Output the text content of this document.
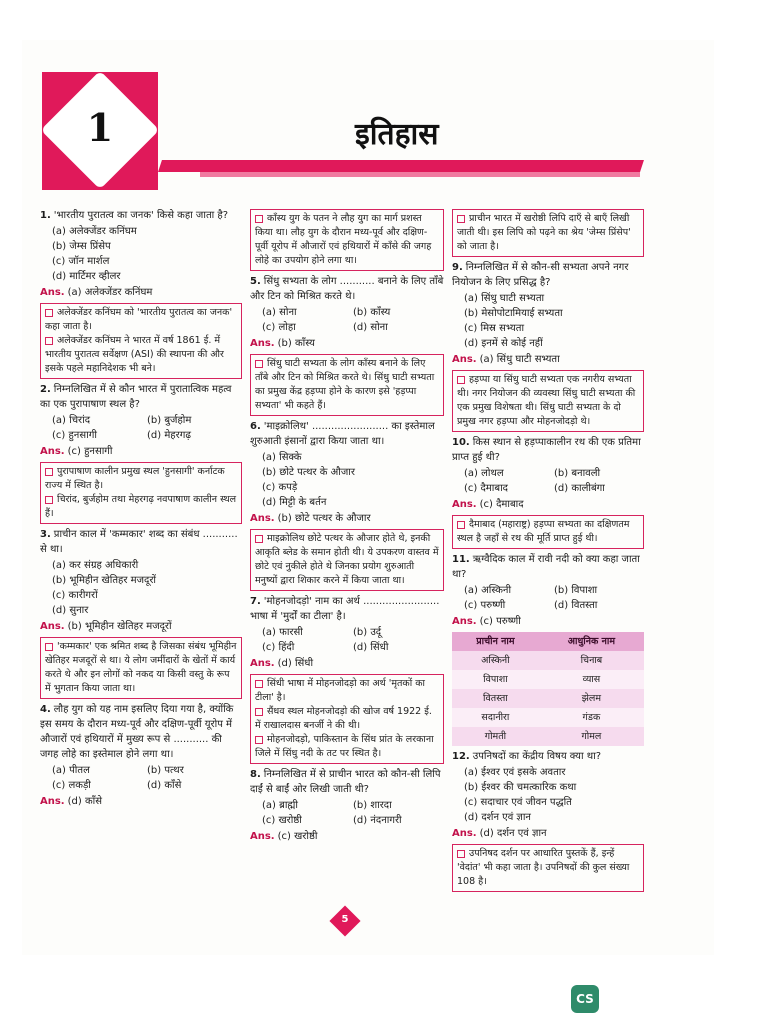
1	इतिहास
1. 'भारतीय पुरातत्व का जनक' किसे कहा जाता है?
(a) अलेक्जेंडर कनिंघम
(b) जेम्स प्रिंसेप
(c) जॉन मार्शल
(d) मार्टिमर व्हीलर
Ans. (a) अलेक्जेंडर कनिंघम

अलेक्जेंडर कनिंघम को 'भारतीय पुरातत्व का जनक' कहा जाता है।

अलेक्जेंडर कनिंघम ने भारत में वर्ष 1861 ई. में भारतीय पुरातत्व सर्वेक्षण (ASI) की स्थापना की और इसके पहले महानिदेशक भी बने।

2. निम्नलिखित में से कौन भारत में पुरातात्विक महत्व का एक पुरापाषाण स्थल है?
(a) चिरांद	(b) बुर्जहोम
(c) हुनसागी	(d) मेहरगढ़
Ans. (c) हुनसागी

पुरापाषाण कालीन प्रमुख स्थल 'हुनसागी' कर्नाटक राज्य में स्थित है।

चिरांद, बुर्जहोम तथा मेहरगढ़ नवपाषाण कालीन स्थल हैं।

3. प्राचीन काल में 'कम्मकार' शब्द का संबंध ........... से था।
(a) कर संग्रह अधिकारी
(b) भूमिहीन खेतिहर मजदूरों
(c) कारीगरों
(d) सुनार
Ans. (b) भूमिहीन खेतिहर मजदूरों

'कम्मकार' एक श्रमित शब्द है जिसका संबंध भूमिहीन खेतिहर मजदूरों से था। ये लोग जमींदारों के खेतों में कार्य करते थे और इन लोगों को नकद या किसी वस्तु के रूप में भुगतान किया जाता था।

4. लौह युग को यह नाम इसलिए दिया गया है, क्योंकि इस समय के दौरान मध्य-पूर्व और दक्षिण-पूर्वी यूरोप में औजारों एवं हथियारों में मुख्य रूप से ........... की जगह लोहे का इस्तेमाल होने लगा था।
(a) पीतल	(b) पत्थर
(c) लकड़ी	(d) काँसे
Ans. (d) काँसे

काँस्य युग के पतन ने लौह युग का मार्ग प्रशस्त किया था। लौह युग के दौरान मध्य-पूर्व और दक्षिण-पूर्वी यूरोप में औजारों एवं हथियारों में काँसे की जगह लोहे का उपयोग होने लगा था।

5. सिंधु सभ्यता के लोग ........... बनाने के लिए ताँबे और टिन को मिश्रित करते थे।
(a) सोना	(b) काँस्य
(c) लोहा	(d) सोना
Ans. (b) काँस्य

सिंधु घाटी सभ्यता के लोग काँस्य बनाने के लिए ताँबे और टिन को मिश्रित करते थे। सिंधु घाटी सभ्यता का प्रमुख केंद्र हड़प्पा होने के कारण इसे 'हड़प्पा सभ्यता' भी कहते हैं।

6. 'माइक्रोलिथ' ........................ का इस्तेमाल शुरुआती इंसानों द्वारा किया जाता था।
(a) सिक्के
(b) छोटे पत्थर के औजार
(c) कपड़े
(d) मिट्टी के बर्तन
Ans. (b) छोटे पत्थर के औजार

माइक्रोलिथ छोटे पत्थर के औजार होते थे, इनकी आकृति ब्लेड के समान होती थी। ये उपकरण वास्तव में छोटे एवं नुकीले होते थे जिनका प्रयोग शुरुआती मनुष्यों द्वारा शिकार करने में किया जाता था।

7. 'मोहनजोदड़ो' नाम का अर्थ ........................ भाषा में 'मुर्दों का टीला' है।
(a) फारसी	(b) उर्दू
(c) हिंदी	(d) सिंधी
Ans. (d) सिंधी

सिंधी भाषा में मोहनजोदड़ो का अर्थ 'मृतकों का टीला' है।

सैंधव स्थल मोहनजोदड़ो की खोज वर्ष 1922 ई. में राखालदास बनर्जी ने की थी।

मोहनजोदड़ो, पाकिस्तान के सिंध प्रांत के लरकाना जिले में सिंधु नदी के तट पर स्थित है।

8. निम्नलिखित में से प्राचीन भारत को कौन-सी लिपि दाईं से बाईं ओर लिखी जाती थी?
(a) ब्राह्मी	(b) शारदा
(c) खरोष्ठी	(d) नंदनागरी
Ans. (c) खरोष्ठी

प्राचीन भारत में खरोष्ठी लिपि दाएँ से बाएँ लिखी जाती थी। इस लिपि को पढ़ने का श्रेय 'जेम्स प्रिंसेप' को जाता है।

9. निम्नलिखित में से कौन-सी सभ्यता अपने नगर नियोजन के लिए प्रसिद्ध है?
(a) सिंधु घाटी सभ्यता
(b) मेसोपोटामियाई सभ्यता
(c) मिस्र सभ्यता
(d) इनमें से कोई नहीं
Ans. (a) सिंधु घाटी सभ्यता

हड़प्पा या सिंधु घाटी सभ्यता एक नगरीय सभ्यता थी। नगर नियोजन की व्यवस्था सिंधु घाटी सभ्यता की एक प्रमुख विशेषता थी। सिंधु घाटी सभ्यता के दो प्रमुख नगर हड़प्पा और मोहनजोदड़ो थे।

10. किस स्थान से हड़प्पाकालीन रथ की एक प्रतिमा प्राप्त हुई थी?
(a) लोथल	(b) बनावली
(c) दैमाबाद	(d) कालीबंगा
Ans. (c) दैमाबाद

दैमाबाद (महाराष्ट्र) हड़प्पा सभ्यता का दक्षिणतम स्थल है जहाँ से रथ की मूर्ति प्राप्त हुई थी।

11. ऋग्वैदिक काल में रावी नदी को क्या कहा जाता था?
(a) अस्किनी	(b) विपाशा
(c) परुष्णी	(d) वितस्ता
Ans. (c) परुष्णी
प्राचीन नाम	आधुनिक नाम
अस्किनी	चिनाब
विपाशा	व्यास
वितस्ता	झेलम
सदानीरा	गंडक
गोमती	गोमल
12. उपनिषदों का केंद्रीय विषय क्या था?
(a) ईश्वर एवं इसके अवतार
(b) ईश्वर की चमत्कारिक कथा
(c) सदाचार एवं जीवन पद्धति
(d) दर्शन एवं ज्ञान
Ans. (d) दर्शन एवं ज्ञान

उपनिषद दर्शन पर आधारित पुस्तकें हैं, इन्हें 'वेदांत' भी कहा जाता है। उपनिषदों की कुल संख्या 108 है।

5
CS
